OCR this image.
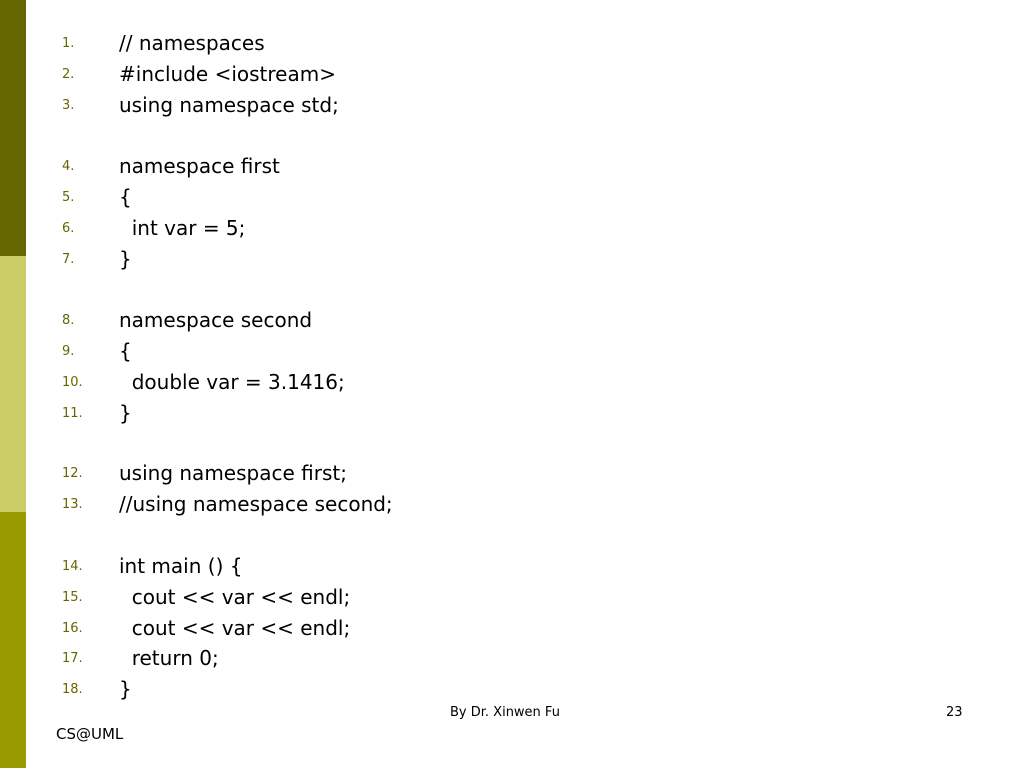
1. // namespaces
2. #include <iostream>
3. using namespace std;
4. namespace first
5. {
6. int var = 5;
7. }
8. namespace second
9. {
10. double var = 3.1416;
11. }
12. using namespace first;
13. //using namespace second;
14. int main () {
15. cout << var << endl;
16. cout << var << endl;
17. return 0;
18. }
By Dr. Xinwen Fu	23
CS@UML
